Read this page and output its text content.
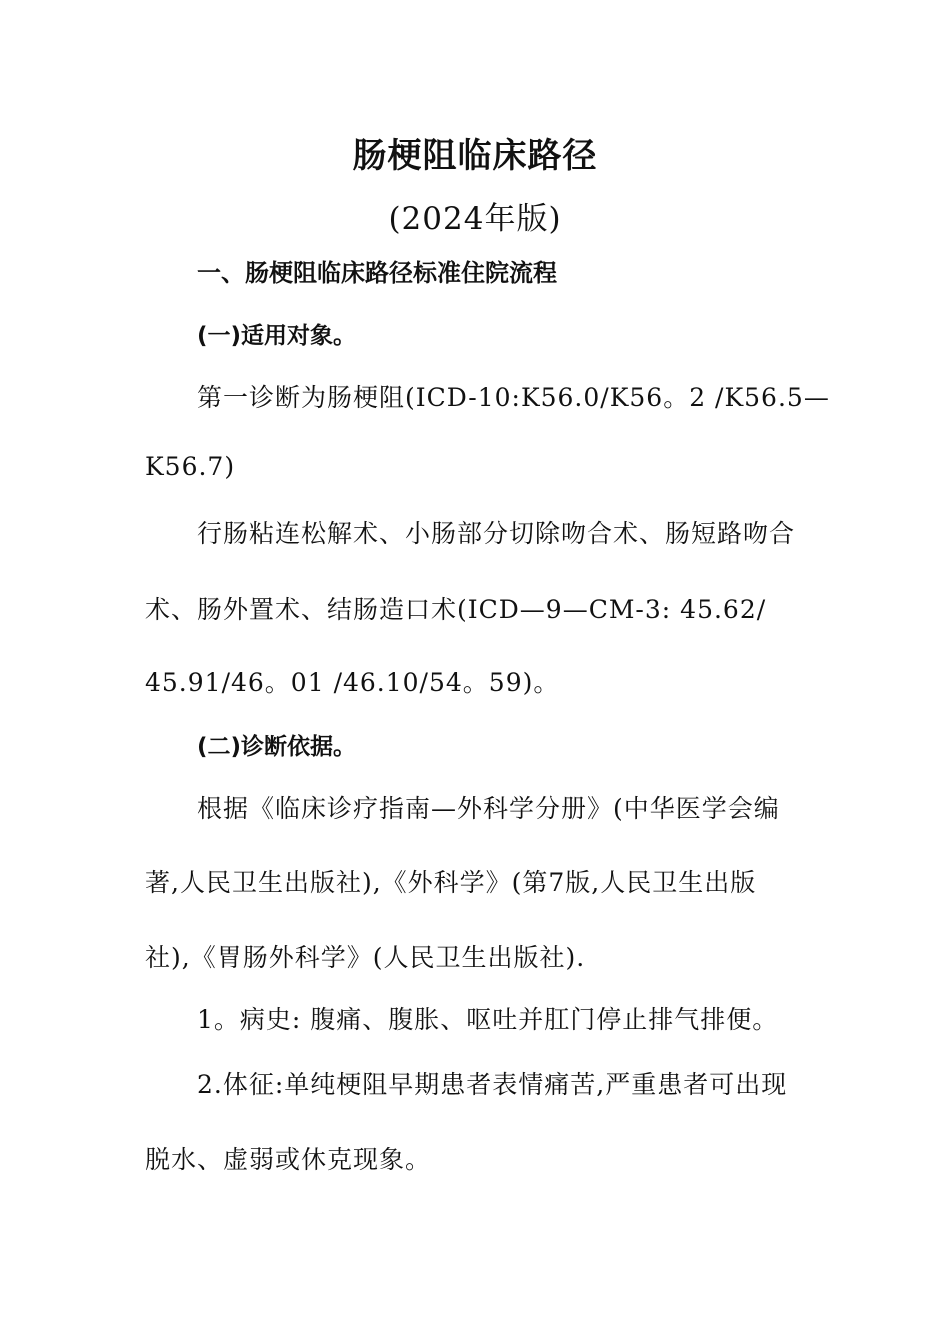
肠梗阻临床路径
(2024年版)
一、肠梗阻临床路径标准住院流程
(一)适用对象。
第一诊断为肠梗阻(ICD-10:K56.0/K56。2 /K56.5—
K56.7)
行肠粘连松解术、小肠部分切除吻合术、肠短路吻合
术、肠外置术、结肠造口术(ICD—9—CM-3: 45.62/
45.91/46。01 /46.10/54。59)。
(二)诊断依据。
根据《临床诊疗指南—外科学分册》(中华医学会编
著,人民卫生出版社),《外科学》(第7版,人民卫生出版
社),《胃肠外科学》(人民卫生出版社).
1。病史: 腹痛、腹胀、呕吐并肛门停止排气排便。
2.体征:单纯梗阻早期患者表情痛苦,严重患者可出现
脱水、虚弱或休克现象。
